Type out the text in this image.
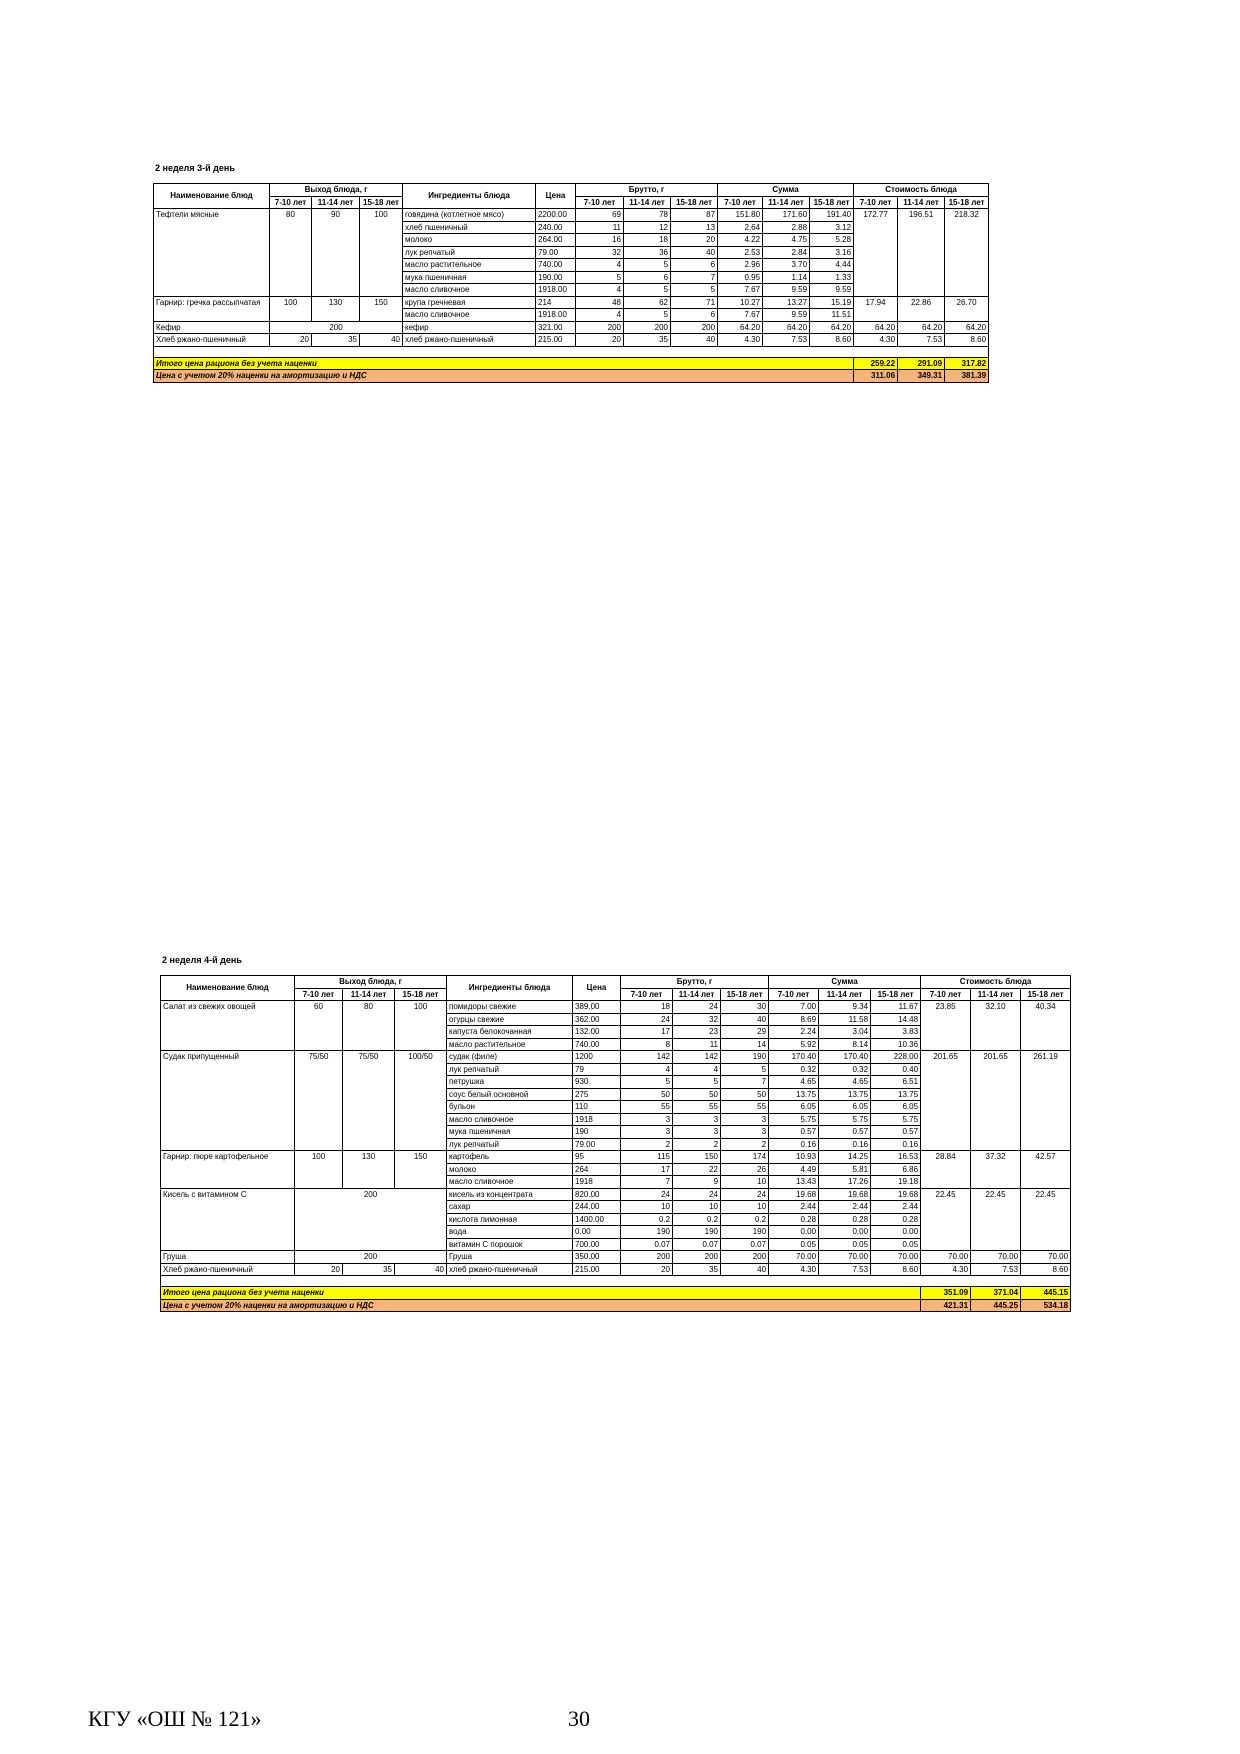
2 неделя 3-й день
Наименование блюд	Выход блюда, г			Ингредиенты блюда	Цена	Брутто, г			Сумма			Стоимость блюда		
	7-10 лет	11-14 лет	15-18 лет			7-10 лет	11-14 лет	15-18 лет	7-10 лет	11-14 лет	15-18 лет	7-10 лет	11-14 лет	15-18 лет
Тефтели мясные	80	90	100	говядина (котлетное мясо)	2200.00	69	78	87	151.80	171.60	191.40	172.77	196.51	218.32
				хлеб пшеничный	240.00	11	12	13	2.64	2.88	3.12			
				молоко	264.00	16	18	20	4.22	4.75	5.28			
				лук репчатый	79.00	32	36	40	2.53	2.84	3.16			
				масло растительное	740.00	4	5	6	2.96	3.70	4.44			
				мука пшеничная	190.00	5	6	7	0.95	1.14	1.33			
				масло сливочное	1918.00	4	5	5	7.67	9.59	9.59			
Гарнир: гречка рассыпчатая	100	130	150	крупа гречневая	214	48	62	71	10.27	13.27	15.19	17.94	22.86	26.70
				масло сливочное	1918.00	4	5	6	7.67	9.59	11.51			
Кефир	200			кефир	321.00	200	200	200	64.20	64.20	64.20	64.20	64.20	64.20
Хлеб ржано-пшеничный	20	35	40	хлеб ржано-пшеничный	215.00	20	35	40	4.30	7.53	8.60	4.30	7.53	8.60

Итого цена рациона без учета наценки												259.22	291.09	317.82
Цена с учетом 20% наценки на амортизацию и НДС												311.06	349.31	381.39
2 неделя 4-й день
Наименование блюд	Выход блюда, г			Ингредиенты блюда	Цена	Брутто, г			Сумма			Стоимость блюда		
	7-10 лет	11-14 лет	15-18 лет			7-10 лет	11-14 лет	15-18 лет	7-10 лет	11-14 лет	15-18 лет	7-10 лет	11-14 лет	15-18 лет
Салат из свежих овощей	60	80	100	помидоры свежие	389.00	18	24	30	7.00	9.34	11.67	23.85	32.10	40.34
				огурцы свежие	362.00	24	32	40	8.69	11.58	14.48			
				капуста белокочанная	132.00	17	23	29	2.24	3.04	3.83			
				масло растительное	740.00	8	11	14	5.92	8.14	10.36			
Судак припущенный	75/50	75/50	100/50	судак (филе)	1200	142	142	190	170.40	170.40	228.00	201.65	201.65	261.19
				лук репчатый	79	4	4	5	0.32	0.32	0.40			
				петрушка	930	5	5	7	4.65	4.65	6.51			
				соус белый основной	275	50	50	50	13.75	13.75	13.75			
				бульон	110	55	55	55	6.05	6.05	6.05			
				масло сливочное	1918	3	3	3	5.75	5.75	5.75			
				мука пшеничная	190	3	3	3	0.57	0.57	0.57			
				лук репчатый	79.00	2	2	2	0.16	0.16	0.16			
Гарнир: пюре картофельное	100	130	150	картофель	95	115	150	174	10.93	14.25	16.53	28.84	37.32	42.57
				молоко	264	17	22	26	4.49	5.81	6.86			
				масло сливочное	1918	7	9	10	13.43	17.26	19.18			
Кисель с витамином С	200			кисель из концентрата	820.00	24	24	24	19.68	19.68	19.68	22.45	22.45	22.45
				сахар	244.00	10	10	10	2.44	2.44	2.44			
				кислота лимонная	1400.00	0.2	0.2	0.2	0.28	0.28	0.28			
				вода	0.00	190	190	190	0.00	0.00	0.00			
				витамин С порошок	700.00	0.07	0.07	0.07	0.05	0.05	0.05			
Груша	200			Груша	350.00	200	200	200	70.00	70.00	70.00	70.00	70.00	70.00
Хлеб ржано-пшеничный	20	35	40	хлеб ржано-пшеничный	215.00	20	35	40	4.30	7.53	8.60	4.30	7.53	8.60

Итого цена рациона без учета наценки												351.09	371.04	445.15
Цена с учетом 20% наценки на амортизацию и НДС												421.31	445.25	534.18
КГУ «ОШ № 121»	30
